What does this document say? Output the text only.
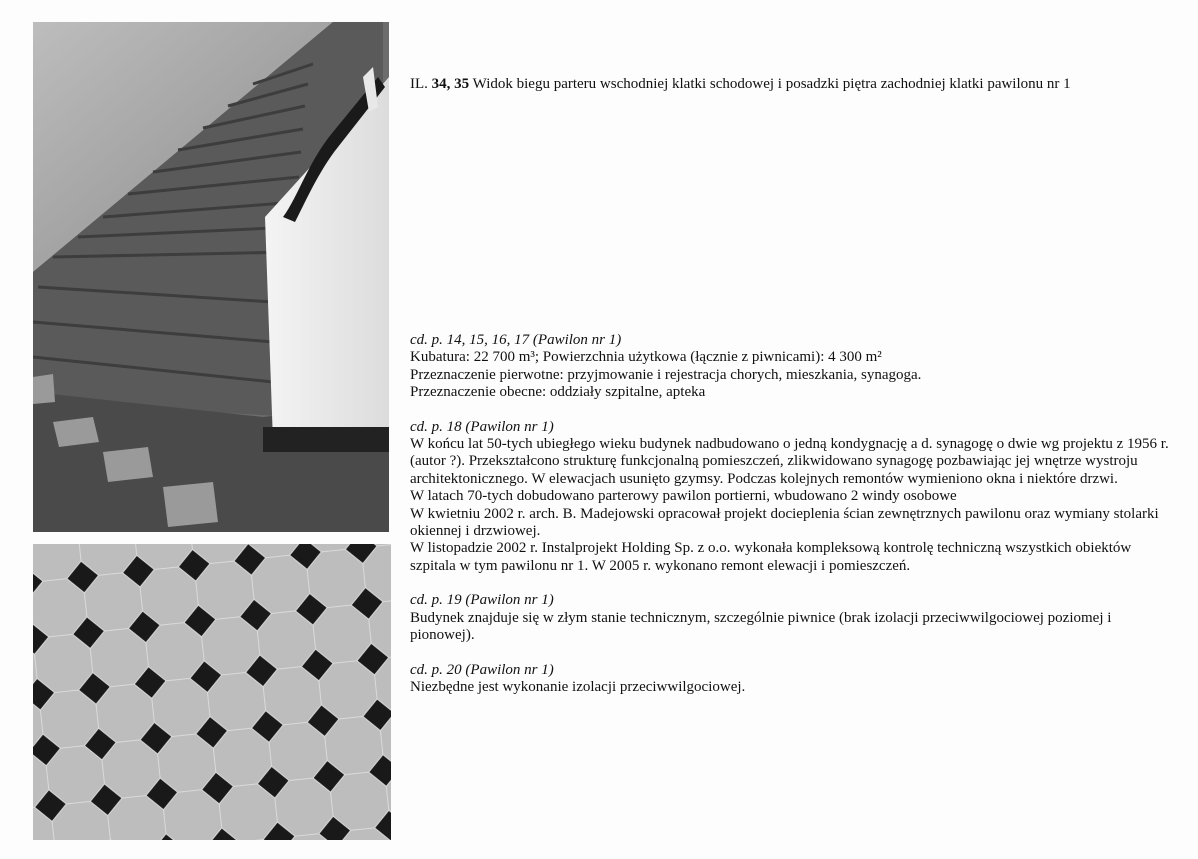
IL. 34, 35 Widok biegu parteru wschodniej klatki schodowej i posadzki piętra zachodniej klatki pawilonu nr 1

cd. p. 14, 15, 16, 17 (Pawilon nr 1)

Kubatura: 22 700 m³; Powierzchnia użytkowa (łącznie z piwnicami): 4 300 m²

Przeznaczenie pierwotne: przyjmowanie i rejestracja chorych, mieszkania, synagoga.

Przeznaczenie obecne: oddziały szpitalne, apteka

cd. p. 18 (Pawilon nr 1)

W końcu lat 50-tych ubiegłego wieku budynek nadbudowano o jedną kondygnację a d. synagogę o dwie wg projektu z 1956 r. (autor ?). Przekształcono strukturę funkcjonalną pomieszczeń, zlikwidowano synagogę pozbawiając jej wnętrze wystroju architektonicznego. W elewacjach usunięto gzymsy. Podczas kolejnych remontów wymieniono okna i niektóre drzwi.

W latach 70-tych dobudowano parterowy pawilon portierni, wbudowano 2 windy osobowe

W kwietniu 2002 r. arch. B. Madejowski opracował projekt docieplenia ścian zewnętrznych pawilonu oraz wymiany stolarki okiennej i drzwiowej.

W listopadzie 2002 r. Instalprojekt Holding Sp. z o.o. wykonała kompleksową kontrolę techniczną wszystkich obiektów szpitala w tym pawilonu nr 1. W 2005 r. wykonano remont elewacji i pomieszczeń.

cd. p. 19 (Pawilon nr 1)

Budynek znajduje się w złym stanie technicznym, szczególnie piwnice (brak izolacji przeciwwilgociowej poziomej i pionowej).

cd. p. 20 (Pawilon nr 1)

Niezbędne jest wykonanie izolacji przeciwwilgociowej.
